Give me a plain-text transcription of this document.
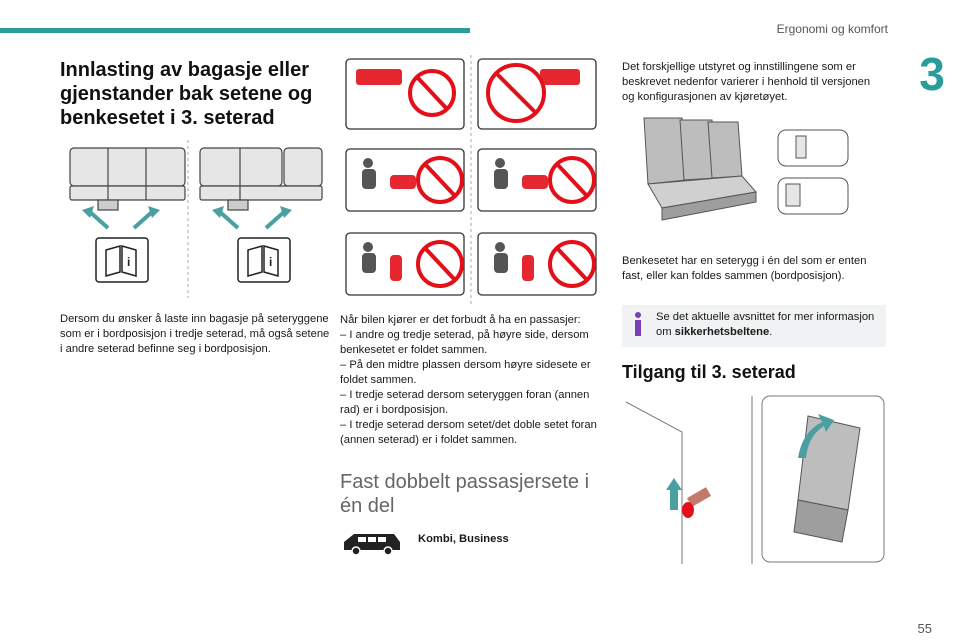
Ergonomi og komfort
3
Innlasting av bagasje eller gjenstander bak setene og benkesetet i 3. seterad
i	i

Dersom du ønsker å laste inn bagasje på seteryggene som er i bordposisjon i tredje seterad, må også setene i andre seterad befinne seg i bordposisjon.

Når bilen kjører er det forbudt å ha en passasjer:
– I andre og tredje seterad, på høyre side, dersom benkesetet er foldet sammen.
– På den midtre plassen dersom høyre sidesete er foldet sammen.
– I tredje seterad dersom seteryggen foran (annen rad) er i bordposisjon.
– I tredje seterad dersom setet/det doble setet foran (annen seterad) er i foldet sammen.
Fast dobbelt passasjersete i én del
Kombi, Business

Det forskjellige utstyret og innstillingene som er beskrevet nedenfor varierer i henhold til versjonen og konfigurasjonen av kjøretøyet.

Benkesetet har en seterygg i én del som er enten fast, eller kan foldes sammen (bordposisjon).

Se det aktuelle avsnittet for mer informasjon om sikkerhetsbeltene.
Tilgang til 3. seterad
55
